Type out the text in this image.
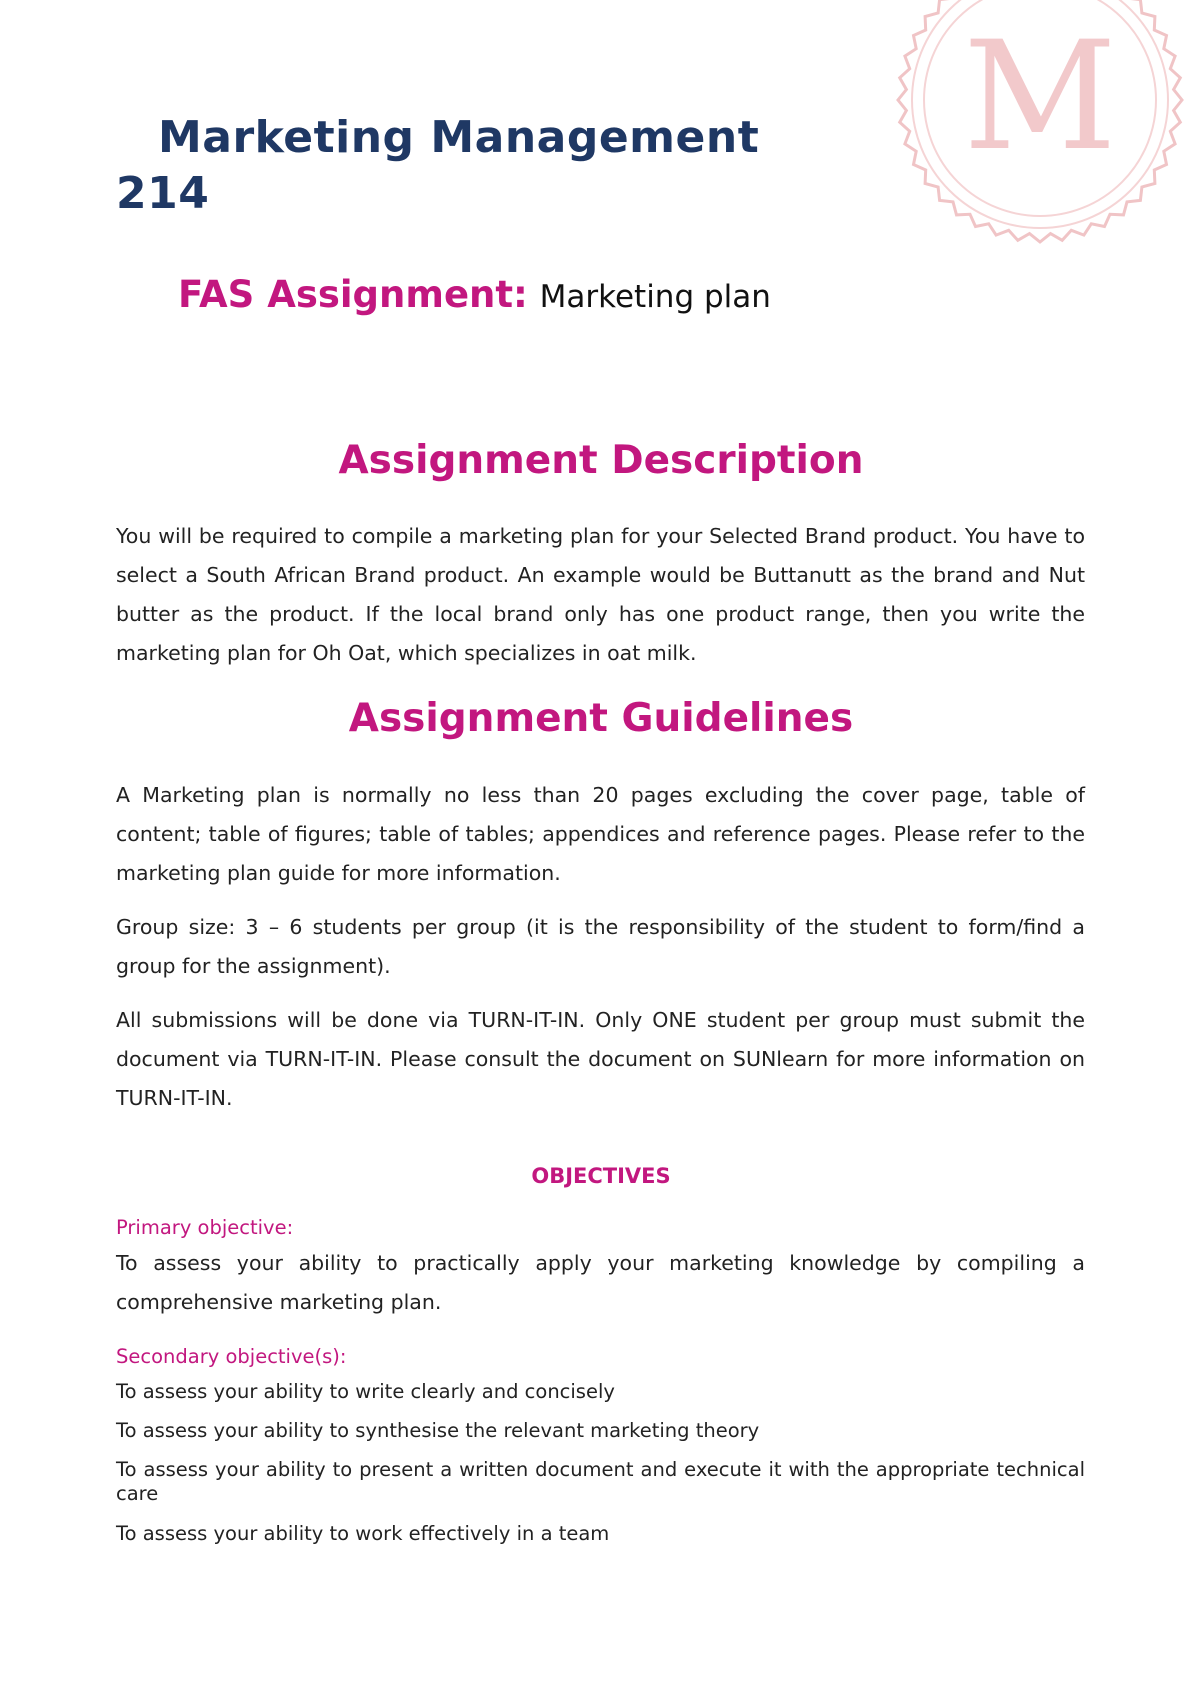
M
Marketing Management 214
FAS Assignment: Marketing plan
Assignment Description

You will be required to compile a marketing plan for your Selected Brand product. You have to select a South African Brand product. An example would be Buttanutt as the brand and Nut butter as the product. If the local brand only has one product range, then you write the marketing plan for Oh Oat, which specializes in oat milk.

Assignment Guidelines

A Marketing plan is normally no less than 20 pages excluding the cover page, table of content; table of figures; table of tables; appendices and reference pages. Please refer to the marketing plan guide for more information.

Group size: 3 – 6 students per group (it is the responsibility of the student to form/find a group for the assignment).

All submissions will be done via TURN-IT-IN. Only ONE student per group must submit the document via TURN-IT-IN. Please consult the document on SUNlearn for more information on TURN-IT-IN.

OBJECTIVES

Primary objective:

To assess your ability to practically apply your marketing knowledge by compiling a comprehensive marketing plan.

Secondary objective(s):

To assess your ability to write clearly and concisely

To assess your ability to synthesise the relevant marketing theory

To assess your ability to present a written document and execute it with the appropriate technical care

To assess your ability to work effectively in a team
